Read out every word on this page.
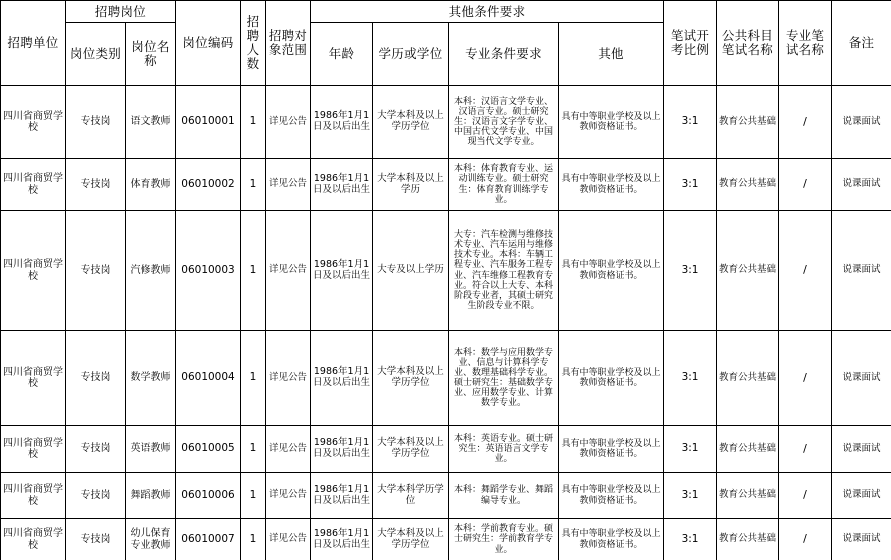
招聘单位	招聘岗位		岗位编码	招聘人数	招聘对象范围	其他条件要求				笔试开考比例	公共科目笔试名称	专业笔试名称	备注
	岗位类别	岗位名称				年龄	学历或学位	专业条件要求	其他				
四川省商贸学校	专技岗	语文教师	06010001	1	详见公告	1986年1月1日及以后出生	大学本科及以上学历学位	本科：汉语言文学专业、汉语言专业。硕士研究生：汉语言文字学专业、中国古代文学专业、中国现当代文学专业。	具有中等职业学校及以上教师资格证书。	3:1	教育公共基础	/	说课面试
四川省商贸学校	专技岗	体育教师	06010002	1	详见公告	1986年1月1日及以后出生	大学本科及以上学历	本科：体育教育专业、运动训练专业。硕士研究生：体育教育训练学专业。	具有中等职业学校及以上教师资格证书。	3:1	教育公共基础	/	说课面试
四川省商贸学校	专技岗	汽修教师	06010003	1	详见公告	1986年1月1日及以后出生	大专及以上学历	大专：汽车检测与维修技术专业、汽车运用与维修技术专业。本科：车辆工程专业、汽车服务工程专业、汽车维修工程教育专业。符合以上大专、本科阶段专业者，其硕士研究生阶段专业不限。	具有中等职业学校及以上教师资格证书。	3:1	教育公共基础	/	说课面试
四川省商贸学校	专技岗	数学教师	06010004	1	详见公告	1986年1月1日及以后出生	大学本科及以上学历学位	本科：数学与应用数学专业、信息与计算科学专业、数理基础科学专业。硕士研究生：基础数学专业、应用数学专业、计算数学专业。	具有中等职业学校及以上教师资格证书。	3:1	教育公共基础	/	说课面试
四川省商贸学校	专技岗	英语教师	06010005	1	详见公告	1986年1月1日及以后出生	大学本科及以上学历学位	本科：英语专业。硕士研究生：英语语言文学专业。	具有中等职业学校及以上教师资格证书。	3:1	教育公共基础	/	说课面试
四川省商贸学校	专技岗	舞蹈教师	06010006	1	详见公告	1986年1月1日及以后出生	大学本科学历学位	本科：舞蹈学专业、舞蹈编导专业。	具有中等职业学校及以上教师资格证书。	3:1	教育公共基础	/	说课面试
四川省商贸学校	专技岗	幼儿保育专业教师	06010007	1	详见公告	1986年1月1日及以后出生	大学本科及以上学历学位	本科：学前教育专业。硕士研究生：学前教育学专业。	具有中等职业学校及以上教师资格证书。	3:1	教育公共基础	/	说课面试
